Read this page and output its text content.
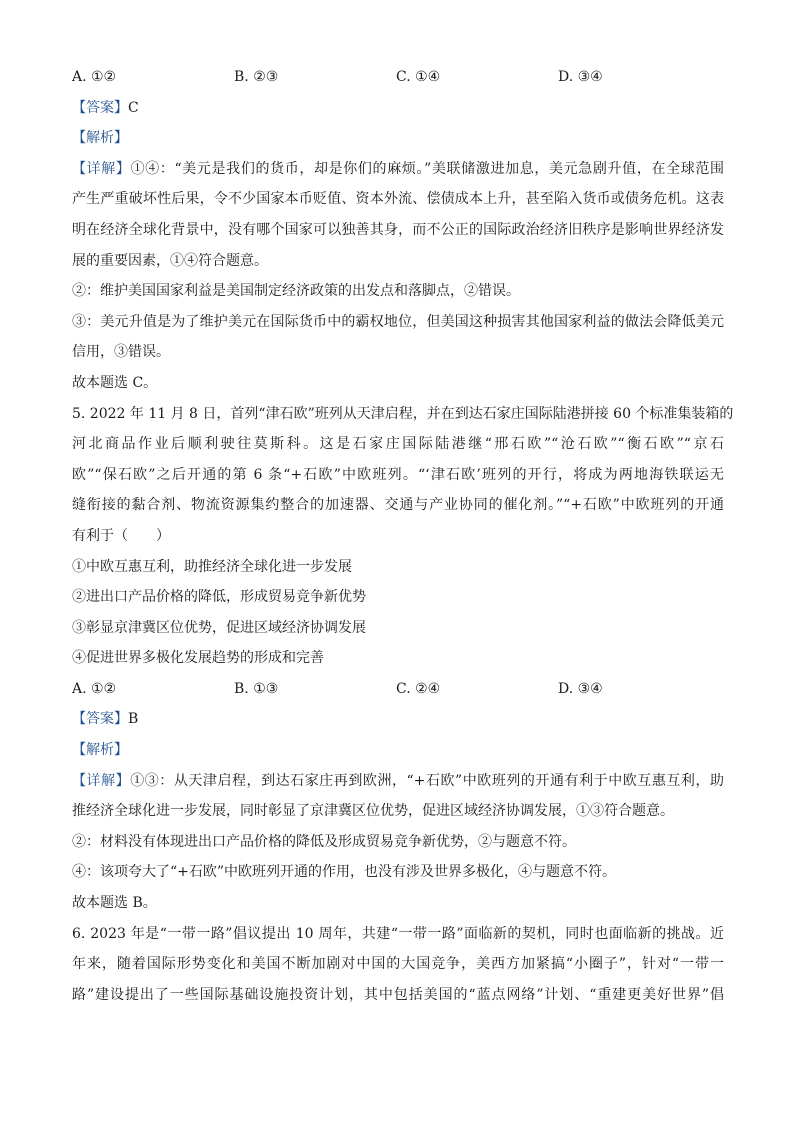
A. ①②	B. ②③	C. ①④	D. ③④
【答案】C
【解析】
【详解】①④：“美元是我们的货币，却是你们的麻烦。”美联储激进加息，美元急剧升值，在全球范围
产生严重破坏性后果，令不少国家本币贬值、资本外流、偿债成本上升，甚至陷入货币或债务危机。这表
明在经济全球化背景中，没有哪个国家可以独善其身，而不公正的国际政治经济旧秩序是影响世界经济发
展的重要因素，①④符合题意。
②：维护美国国家利益是美国制定经济政策的出发点和落脚点，②错误。
③：美元升值是为了维护美元在国际货币中的霸权地位，但美国这种损害其他国家利益的做法会降低美元
信用，③错误。
故本题选 C。
5. 2022 年 11 月 8 日，首列“津石欧”班列从天津启程，并在到达石家庄国际陆港拼接 60 个标准集装箱的
河北商品作业后顺利驶往莫斯科。这是石家庄国际陆港继“邢石欧”“沧石欧”“衡石欧”“京石
欧”“保石欧”之后开通的第 6 条“+石欧”中欧班列。“‘津石欧’班列的开行，将成为两地海铁联运无
缝衔接的黏合剂、物流资源集约整合的加速器、交通与产业协同的催化剂。”“+石欧”中欧班列的开通
有利于（　　）
①中欧互惠互利，助推经济全球化进一步发展
②进出口产品价格的降低，形成贸易竞争新优势
③彰显京津冀区位优势，促进区域经济协调发展
④促进世界多极化发展趋势的形成和完善
A. ①②	B. ①③	C. ②④	D. ③④
【答案】B
【解析】
【详解】①③：从天津启程，到达石家庄再到欧洲，“+石欧”中欧班列的开通有利于中欧互惠互利，助
推经济全球化进一步发展，同时彰显了京津冀区位优势，促进区域经济协调发展，①③符合题意。
②：材料没有体现进出口产品价格的降低及形成贸易竞争新优势，②与题意不符。
④：该项夸大了“+石欧”中欧班列开通的作用，也没有涉及世界多极化，④与题意不符。
故本题选 B。
6. 2023 年是“一带一路”倡议提出 10 周年，共建“一带一路”面临新的契机，同时也面临新的挑战。近
年来，随着国际形势变化和美国不断加剧对中国的大国竞争，美西方加紧搞“小圈子”，针对“一带一
路”建设提出了一些国际基础设施投资计划，其中包括美国的“蓝点网络”计划、“重建更美好世界”倡
